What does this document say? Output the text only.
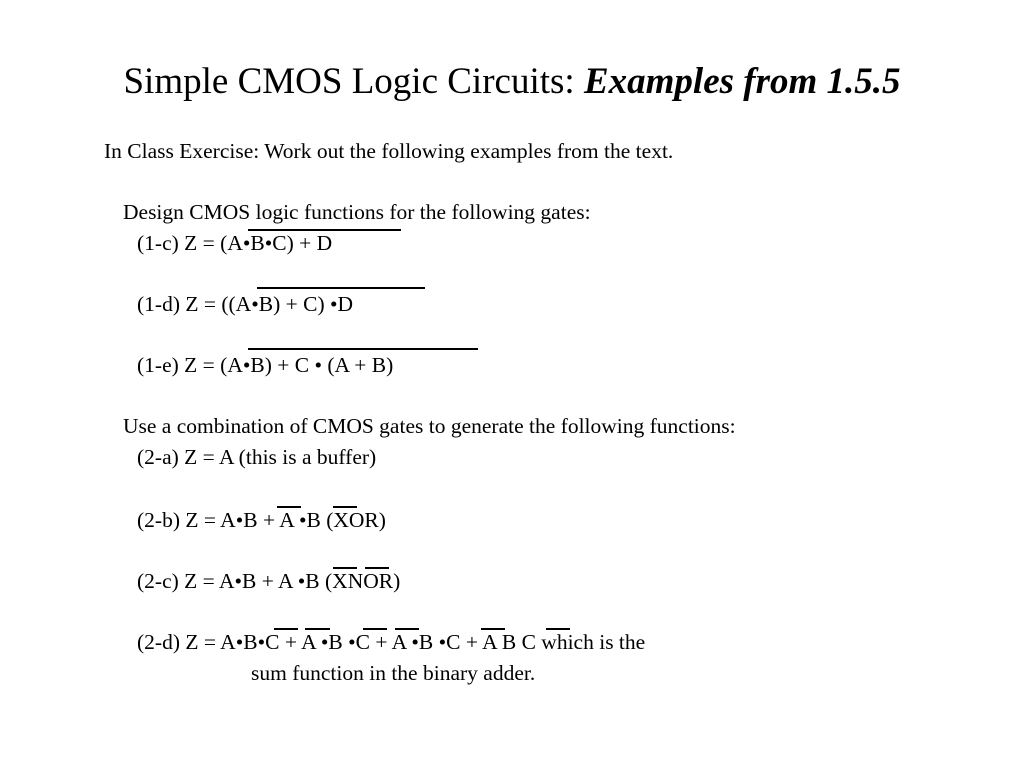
Simple CMOS Logic Circuits: Examples from 1.5.5
In Class Exercise: Work out the following examples from the text.
Design CMOS logic functions for the following gates:
(1-c) Z = (A•B•C) + D
(1-d) Z = ((A•B) + C) •D
(1-e) Z = (A•B) + C • (A + B)
Use a combination of CMOS gates to generate the following functions:
(2-a) Z = A (this is a buffer)
(2-b) Z = A•B + A •B (XOR)
(2-c) Z = A•B + A •B (XNOR)
(2-d) Z = A•B•C + A •B •C + A •B •C + A B C which is the
sum function in the binary adder.
